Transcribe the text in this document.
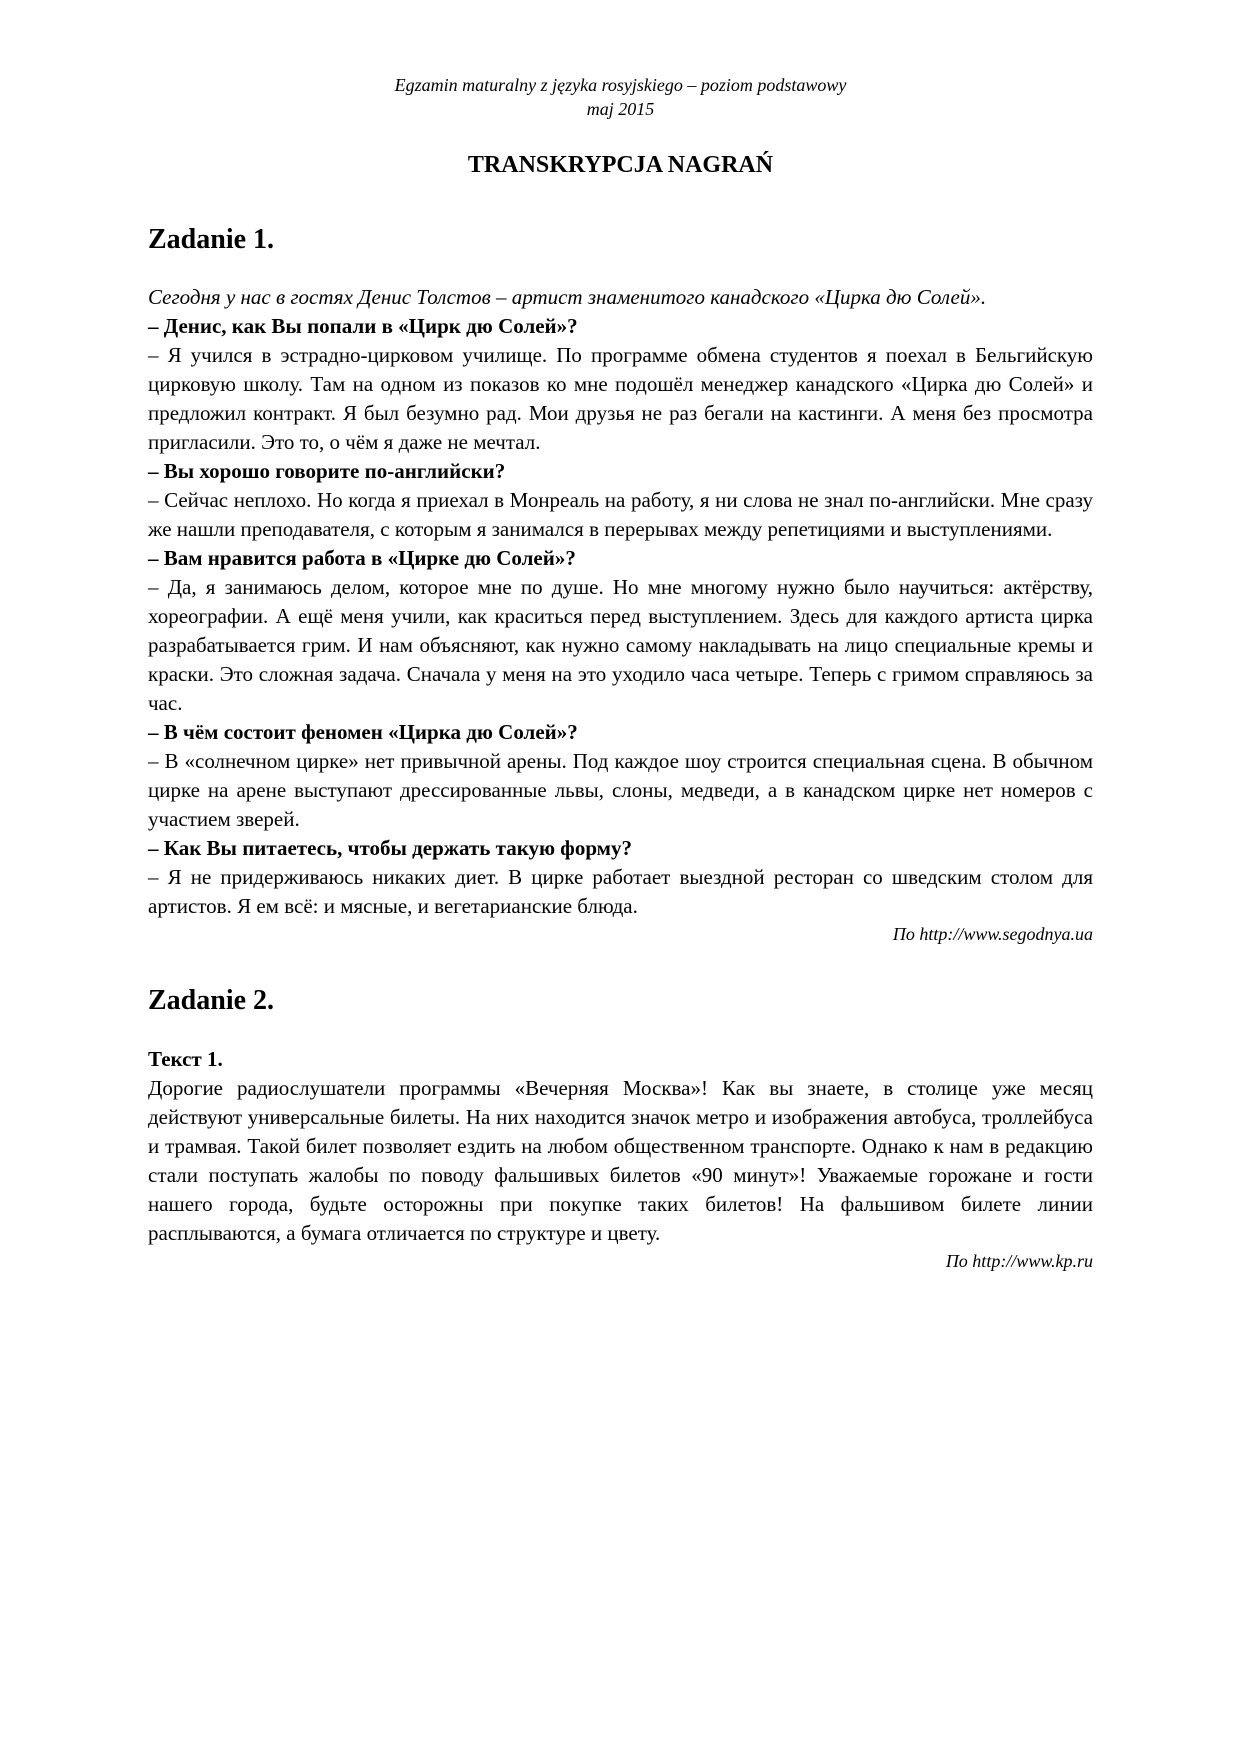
Egzamin maturalny z języka rosyjskiego – poziom podstawowy
maj 2015
TRANSKRYPCJA NAGRAŃ
Zadanie 1.
Сегодня у нас в гостях Денис Толстов – артист знаменитого канадского «Цирка дю Солей».
– Денис, как Вы попали в «Цирк дю Солей»?
– Я учился в эстрадно-цирковом училище. По программе обмена студентов я поехал в Бельгийскую цирковую школу. Там на одном из показов ко мне подошёл менеджер канадского «Цирка дю Солей» и предложил контракт. Я был безумно рад. Мои друзья не раз бегали на кастинги. А меня без просмотра пригласили. Это то, о чём я даже не мечтал.
– Вы хорошо говорите по-английски?
– Сейчас неплохо. Но когда я приехал в Монреаль на работу, я ни слова не знал по-английски. Мне сразу же нашли преподавателя, с которым я занимался в перерывах между репетициями и выступлениями.
– Вам нравится работа в «Цирке дю Солей»?
– Да, я занимаюсь делом, которое мне по душе. Но мне многому нужно было научиться: актёрству, хореографии. А ещё меня учили, как краситься перед выступлением. Здесь для каждого артиста цирка разрабатывается грим. И нам объясняют, как нужно самому накладывать на лицо специальные кремы и краски. Это сложная задача. Сначала у меня на это уходило часа четыре. Теперь с гримом справляюсь за час.
– В чём состоит феномен «Цирка дю Солей»?
– В «солнечном цирке» нет привычной арены. Под каждое шоу строится специальная сцена. В обычном цирке на арене выступают дрессированные львы, слоны, медведи, а в канадском цирке нет номеров с участием зверей.
– Как Вы питаетесь, чтобы держать такую форму?
– Я не придерживаюсь никаких диет. В цирке работает выездной ресторан со шведским столом для артистов. Я ем всё: и мясные, и вегетарианские блюда.
По http://www.segodnya.ua
Zadanie 2.
Текст 1.
Дорогие радиослушатели программы «Вечерняя Москва»! Как вы знаете, в столице уже месяц действуют универсальные билеты. На них находится значок метро и изображения автобуса, троллейбуса и трамвая. Такой билет позволяет ездить на любом общественном транспорте. Однако к нам в редакцию стали поступать жалобы по поводу фальшивых билетов «90 минут»! Уважаемые горожане и гости нашего города, будьте осторожны при покупке таких билетов! На фальшивом билете линии расплываются, а бумага отличается по структуре и цвету.
По http://www.kp.ru
